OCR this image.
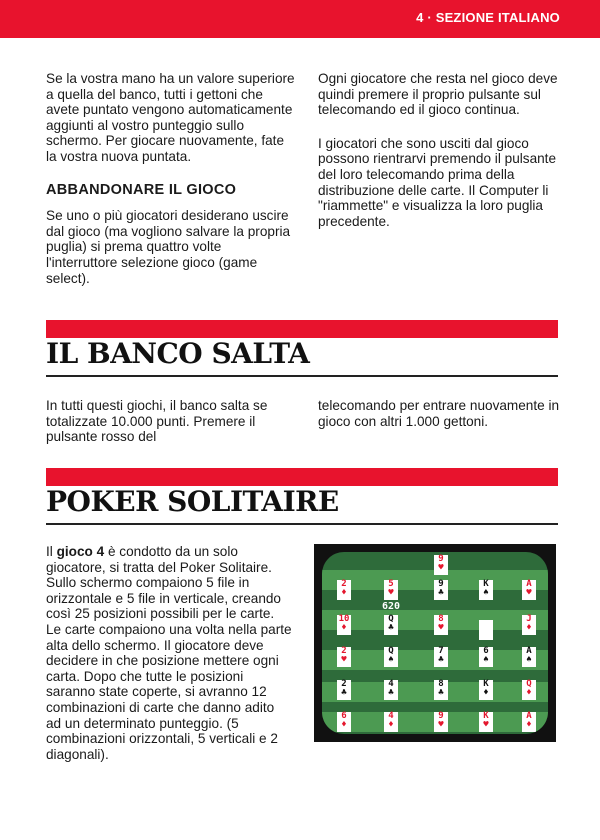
4 · SEZIONE ITALIANO

Se la vostra mano ha un valore superiore a quella del banco, tutti i gettoni che avete puntato vengono automaticamente aggiunti al vostro punteggio sullo schermo. Per giocare nuovamente, fate la vostra nuova puntata.

ABBANDONARE IL GIOCO

Se uno o più giocatori desiderano uscire dal gioco (ma vogliono salvare la propria puglia) si prema quattro volte l'interruttore selezione gioco (game select).

Ogni giocatore che resta nel gioco deve quindi premere il proprio pulsante sul telecomando ed il gioco continua.

I giocatori che sono usciti dal gioco possono rientrarvi premendo il pulsante del loro telecomando prima della distribuzione delle carte. Il Computer li "riammette" e visualizza la loro puglia precedente.

IL BANCO SALTA

In tutti questi giochi, il banco salta se totalizzate 10.000 punti. Premere il pulsante rosso del

telecomando per entrare nuovamente in gioco con altri 1.000 gettoni.

POKER SOLITAIRE

Il gioco 4 è condotto da un solo giocatore, si tratta del Poker Solitaire. Sullo schermo compaiono 5 file in orizzontale e 5 file in verticale, creando così 25 posizioni possibili per le carte. Le carte compaiono una volta nella parte alta dello schermo. Il giocatore deve decidere in che posizione mettere ogni carta. Dopo che tutte le posizioni saranno state coperte, si avranno 12 combinazioni di carte che danno adito ad un determinato punteggio. (5 combinazioni orizzontali, 5 verticali e 2 diagonali).

620
9
♥
2
♦
5
♥
9
♣
K
♠
A
♥
10
♦
Q
♣
8
♥
J
♦
2
♥
Q
♠
7
♣
6
♠
A
♠
2
♣
4
♣
8
♣
K
♦
Q
♦
6
♦
4
♦
9
♥
K
♥
A
♦
